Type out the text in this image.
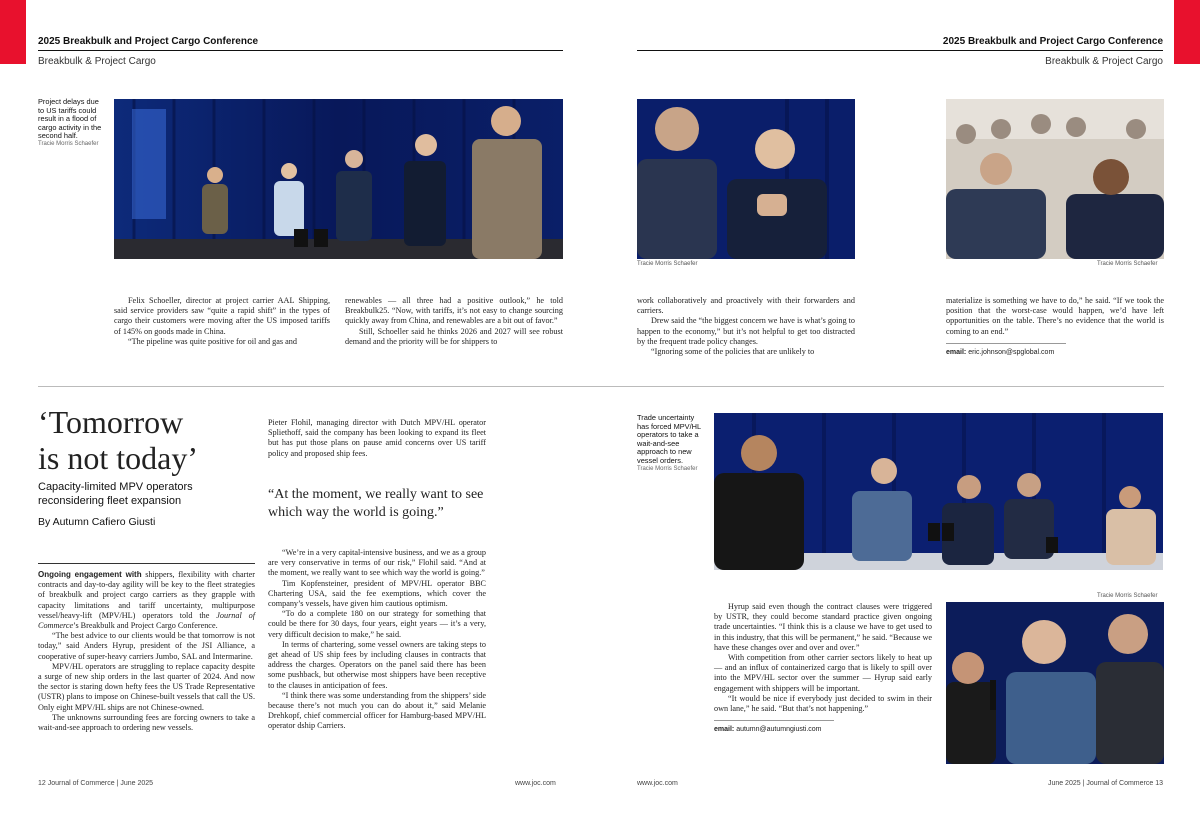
2025 Breakbulk and Project Cargo Conference
Breakbulk & Project Cargo
2025 Breakbulk and Project Cargo Conference
Breakbulk & Project Cargo
Project delays due to US tariffs could result in a flood of cargo activity in the second half.
Tracie Morris Schaefer

Felix Schoeller, director at project carrier AAL Shipping, said service providers saw “quite a rapid shift” in the types of cargo their customers were moving after the US imposed tariffs of 145% on goods made in China.

“The pipeline was quite positive for oil and gas and

renewables — all three had a positive outlook,” he told Breakbulk25. “Now, with tariffs, it’s not easy to change sourcing quickly away from China, and renewables are a bit out of favor.”

Still, Schoeller said he thinks 2026 and 2027 will see robust demand and the priority will be for shippers to

Tracie Morris Schaefer	Tracie Morris Schaefer

work collaboratively and proactively with their forwarders and carriers.

Drew said the “the biggest concern we have is what’s going to happen to the economy,” but it’s not helpful to get too distracted by the frequent trade policy changes.

“Ignoring some of the policies that are unlikely to

materialize is something we have to do,” he said. “If we took the position that the worst-case would happen, we’d have left opportunities on the table. There’s no evidence that the world is coming to an end.”

email: eric.johnson@spglobal.com

‘Tomorrow
is not today’
Capacity-limited MPV operators reconsidering fleet expansion
By Autumn Cafiero Giusti

Ongoing engagement with shippers, flexibility with charter contracts and day-to-day agility will be key to the fleet strategies of breakbulk and project cargo carriers as they grapple with capacity limitations and tariff uncertainty, multipurpose vessel/heavy-lift (MPV/HL) operators told the Journal of Commerce’s Breakbulk and Project Cargo Conference.

“The best advice to our clients would be that tomorrow is not today,” said Anders Hyrup, president of the JSI Alliance, a cooperative of super-heavy carriers Jumbo, SAL and Intermarine.

MPV/HL operators are struggling to replace capacity despite a surge of new ship orders in the last quarter of 2024. And now the sector is staring down hefty fees the US Trade Representative (USTR) plans to impose on Chinese-built vessels that call the US. Only eight MPV/HL ships are not Chinese-owned.

The unknowns surrounding fees are forcing owners to take a wait-and-see approach to ordering new vessels.

Pieter Flohil, managing director with Dutch MPV/HL operator Spliethoff, said the company has been looking to expand its fleet but has put those plans on pause amid concerns over US tariff policy and proposed ship fees.

“At the moment, we really want to see which way the world is going.”

“We’re in a very capital-intensive business, and we as a group are very conservative in terms of our risk,” Flohil said. “And at the moment, we really want to see which way the world is going.”

Tim Kopfensteiner, president of MPV/HL operator BBC Chartering USA, said the fee exemptions, which cover the company’s vessels, have given him cautious optimism.

“To do a complete 180 on our strategy for something that could be there for 30 days, four years, eight years — it’s a very, very difficult decision to make,” he said.

In terms of chartering, some vessel owners are taking steps to get ahead of US ship fees by including clauses in contracts that address the charges. Operators on the panel said there has been some pushback, but otherwise most shippers have been receptive to the clauses in anticipation of fees.

“I think there was some understanding from the shippers’ side because there’s not much you can do about it,” said Melanie Drehkopf, chief commercial officer for Hamburg-based MPV/HL operator dship Carriers.

Trade uncertainty has forced MPV/HL operators to take a wait-and-see approach to new vessel orders.
Tracie Morris Schaefer
Tracie Morris Schaefer

Hyrup said even though the contract clauses were triggered by USTR, they could become standard practice given ongoing trade uncertainties. “I think this is a clause we have to get used to in this industry, that this will be permanent,” he said. “Because we have these changes over and over and over.”

With competition from other carrier sectors likely to heat up — and an influx of containerized cargo that is likely to spill over into the MPV/HL sector over the summer — Hyrup said early engagement with shippers will be important.

“It would be nice if everybody just decided to swim in their own lane,” he said. “But that’s not happening.”

email: autumn@autumngiusti.com

12 Journal of Commerce | June 2025	www.joc.com	www.joc.com	June 2025 | Journal of Commerce 13
